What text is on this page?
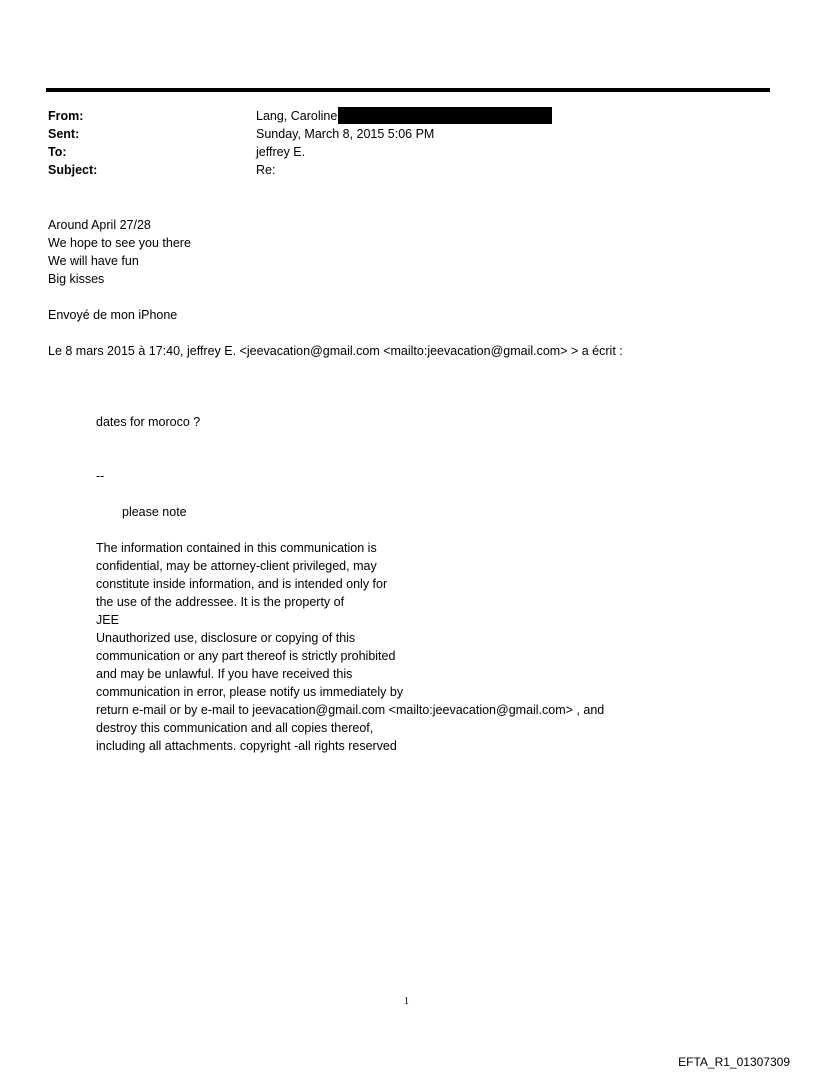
From:	Lang, Caroline
Sent:	Sunday, March 8, 2015 5:06 PM
To:	jeffrey E.
Subject:	Re:
Around April 27/28
We hope to see you there
We will have fun
Big kisses
Envoyé de mon iPhone
Le 8 mars 2015 à 17:40, jeffrey E. <jeevacation@gmail.com <mailto:jeevacation@gmail.com> > a écrit :
dates for moroco ?
--
please note
The information contained in this communication is
confidential, may be attorney-client privileged, may
constitute inside information, and is intended only for
the use of the addressee. It is the property of
JEE
Unauthorized use, disclosure or copying of this
communication or any part thereof is strictly prohibited
and may be unlawful. If you have received this
communication in error, please notify us immediately by
return e-mail or by e-mail to jeevacation@gmail.com <mailto:jeevacation@gmail.com> , and
destroy this communication and all copies thereof,
including all attachments. copyright -all rights reserved
1
EFTA_R1_01307309
